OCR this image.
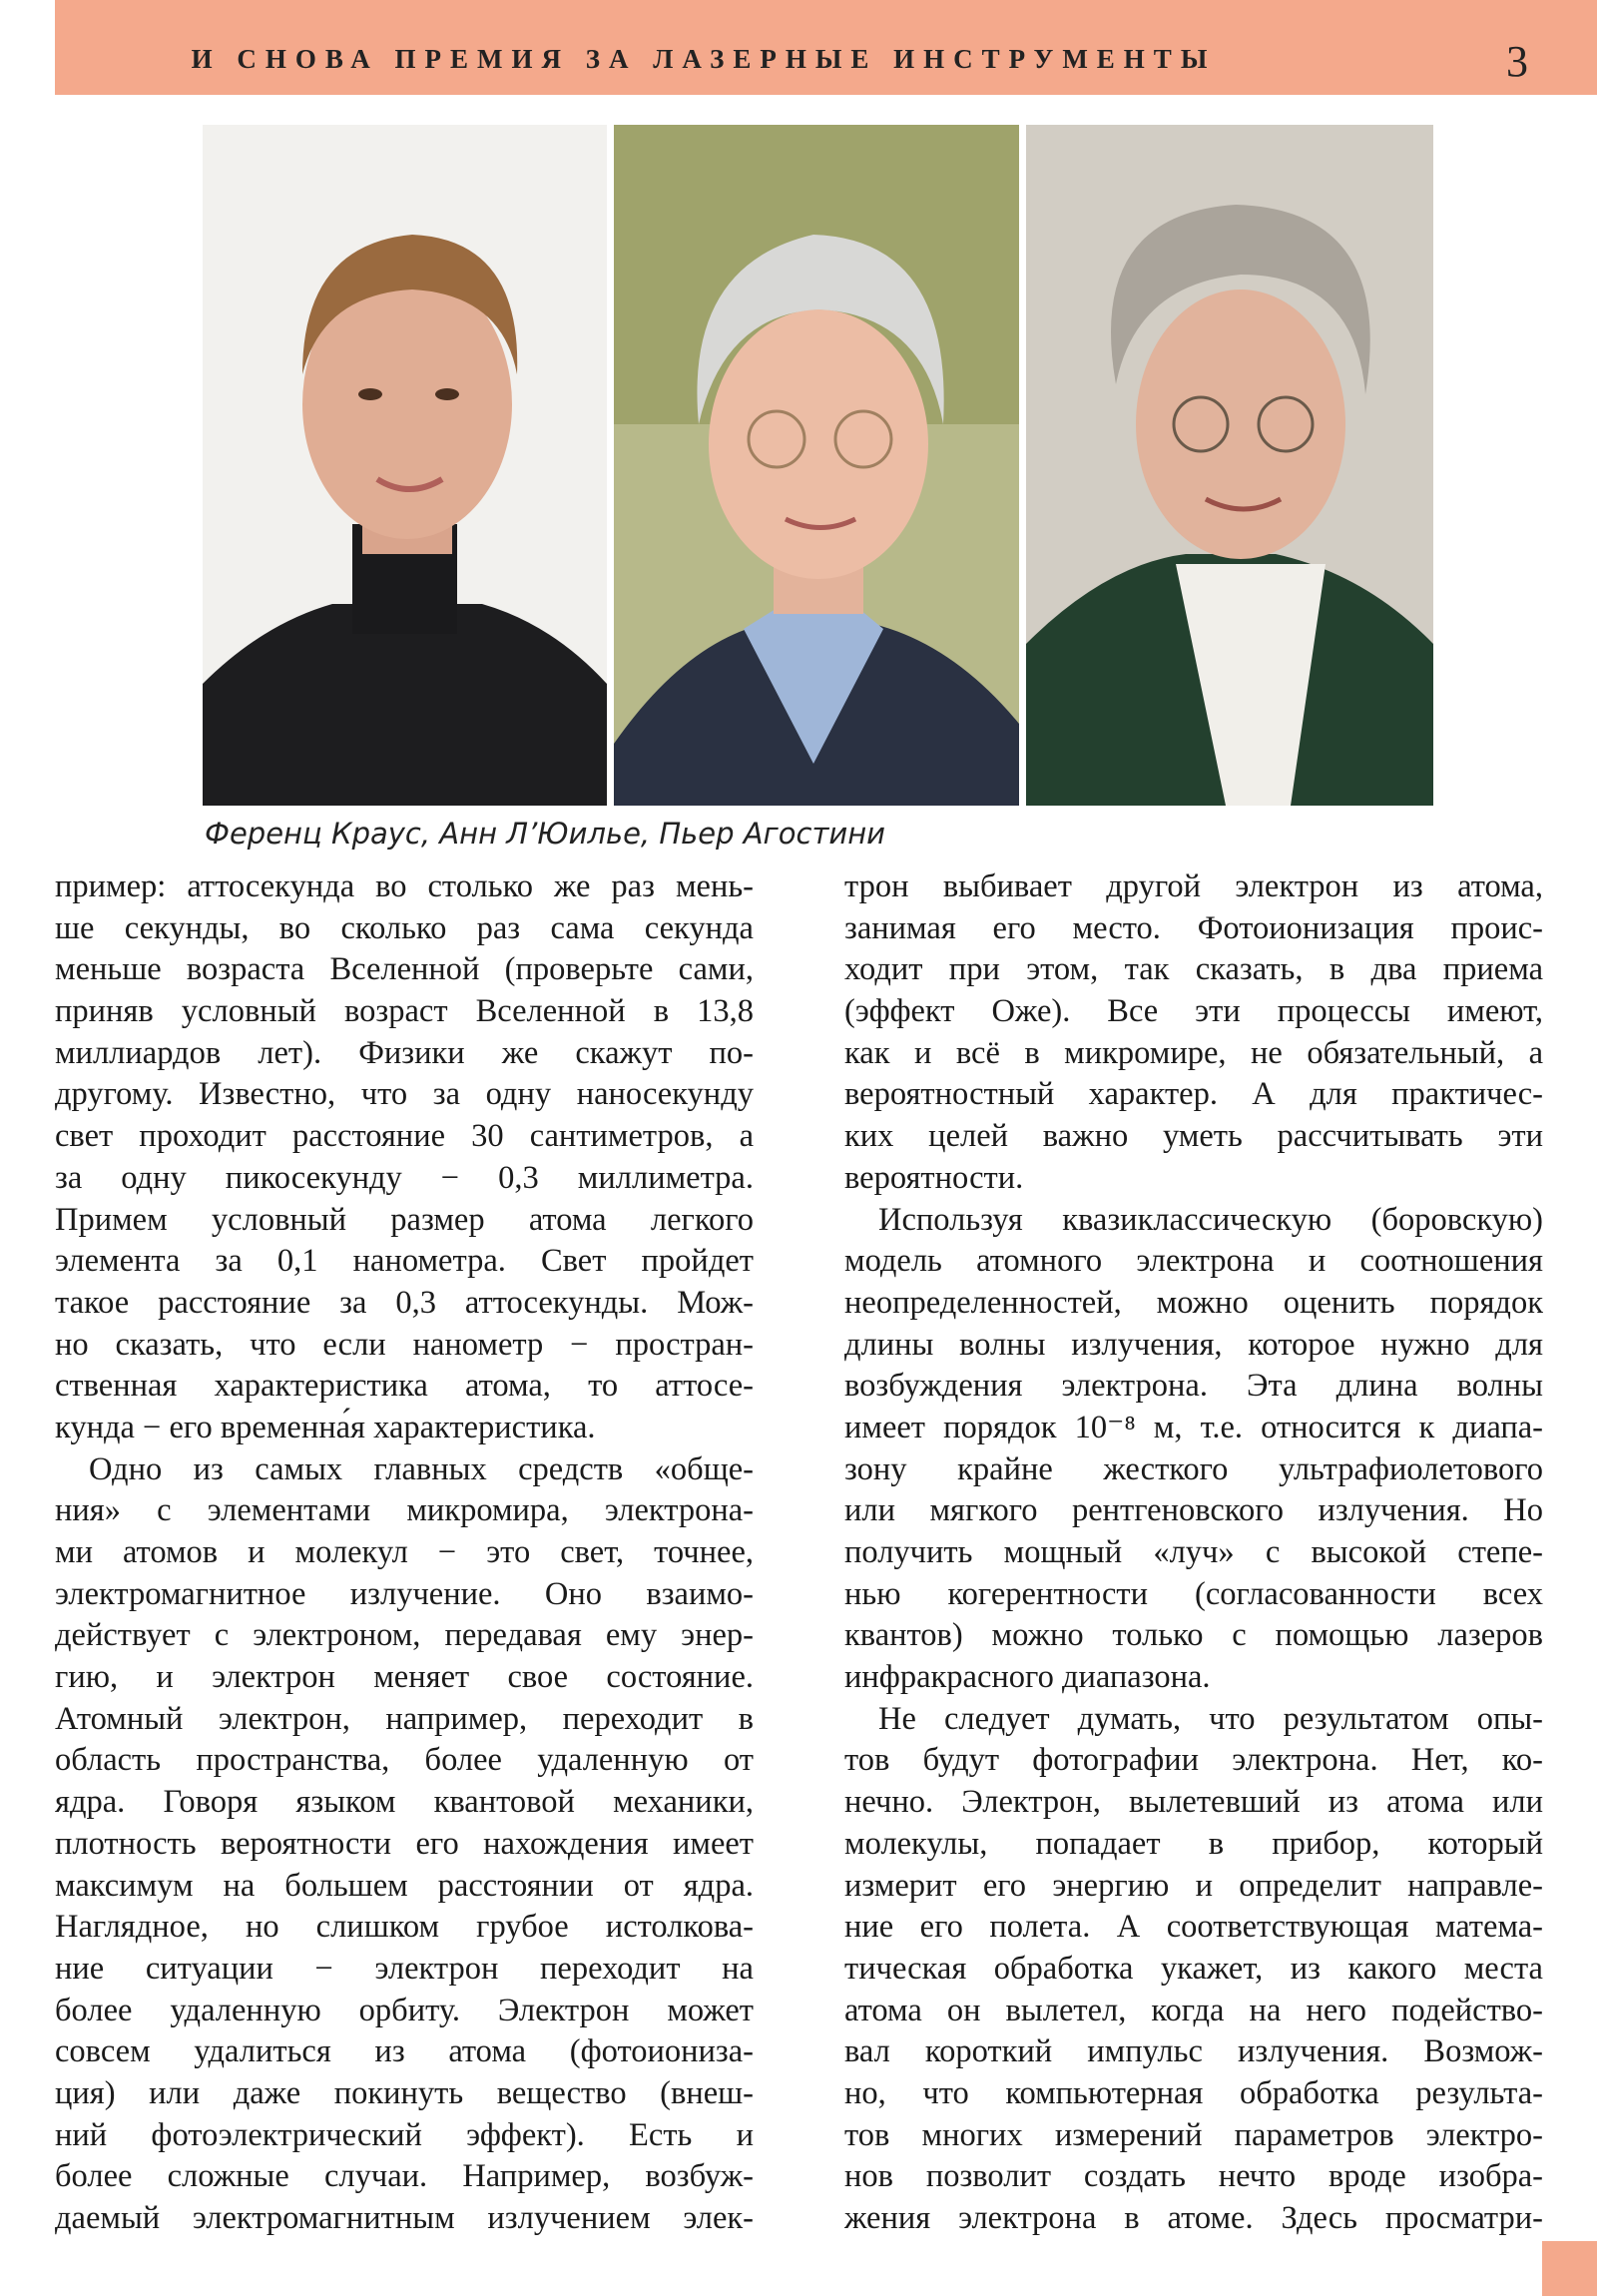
И СНОВА ПРЕМИЯ ЗА ЛАЗЕРНЫЕ ИНСТРУМЕНТЫ	3
Ференц Краус, Анн Л’Юилье, Пьер Агостини
пример: аттосекунда во столько же раз мень-
ше секунды, во сколько раз сама секунда
меньше возраста Вселенной (проверьте сами,
приняв условный возраст Вселенной в 13,8
миллиардов лет). Физики же скажут по-
другому. Известно, что за одну наносекунду
свет проходит расстояние 30 сантиметров, а
за одну пикосекунду − 0,3 миллиметра.
Примем условный размер атома легкого
элемента за 0,1 нанометра. Свет пройдет
такое расстояние за 0,3 аттосекунды. Мож-
но сказать, что если нанометр − простран-
ственная характеристика атома, то аттосе-
кунда − его временна́я характеристика.
Одно из самых главных средств «обще-
ния» с элементами микромира, электрона-
ми атомов и молекул − это свет, точнее,
электромагнитное излучение. Оно взаимо-
действует с электроном, передавая ему энер-
гию, и электрон меняет свое состояние.
Атомный электрон, например, переходит в
область пространства, более удаленную от
ядра. Говоря языком квантовой механики,
плотность вероятности его нахождения имеет
максимум на большем расстоянии от ядра.
Наглядное, но слишком грубое истолкова-
ние ситуации − электрон переходит на
более удаленную орбиту. Электрон может
совсем удалиться из атома (фотоиониза-
ция) или даже покинуть вещество (внеш-
ний фотоэлектрический эффект). Есть и
более сложные случаи. Например, возбуж-
даемый электромагнитным излучением элек-
трон выбивает другой электрон из атома,
занимая его место. Фотоионизация проис-
ходит при этом, так сказать, в два приема
(эффект Оже). Все эти процессы имеют,
как и всё в микромире, не обязательный, а
вероятностный характер. А для практичес-
ких целей важно уметь рассчитывать эти
вероятности.
Используя квазиклассическую (боровскую)
модель атомного электрона и соотношения
неопределенностей, можно оценить порядок
длины волны излучения, которое нужно для
возбуждения электрона. Эта длина волны
имеет порядок 10⁻⁸ м, т.е. относится к диапа-
зону крайне жесткого ультрафиолетового
или мягкого рентгеновского излучения. Но
получить мощный «луч» с высокой степе-
нью когерентности (согласованности всех
квантов) можно только с помощью лазеров
инфракрасного диапазона.
Не следует думать, что результатом опы-
тов будут фотографии электрона. Нет, ко-
нечно. Электрон, вылетевший из атома или
молекулы, попадает в прибор, который
измерит его энергию и определит направле-
ние его полета. А соответствующая матема-
тическая обработка укажет, из какого места
атома он вылетел, когда на него подейство-
вал короткий импульс излучения. Возмож-
но, что компьютерная обработка результа-
тов многих измерений параметров электро-
нов позволит создать нечто вроде изобра-
жения электрона в атоме. Здесь просматри-
